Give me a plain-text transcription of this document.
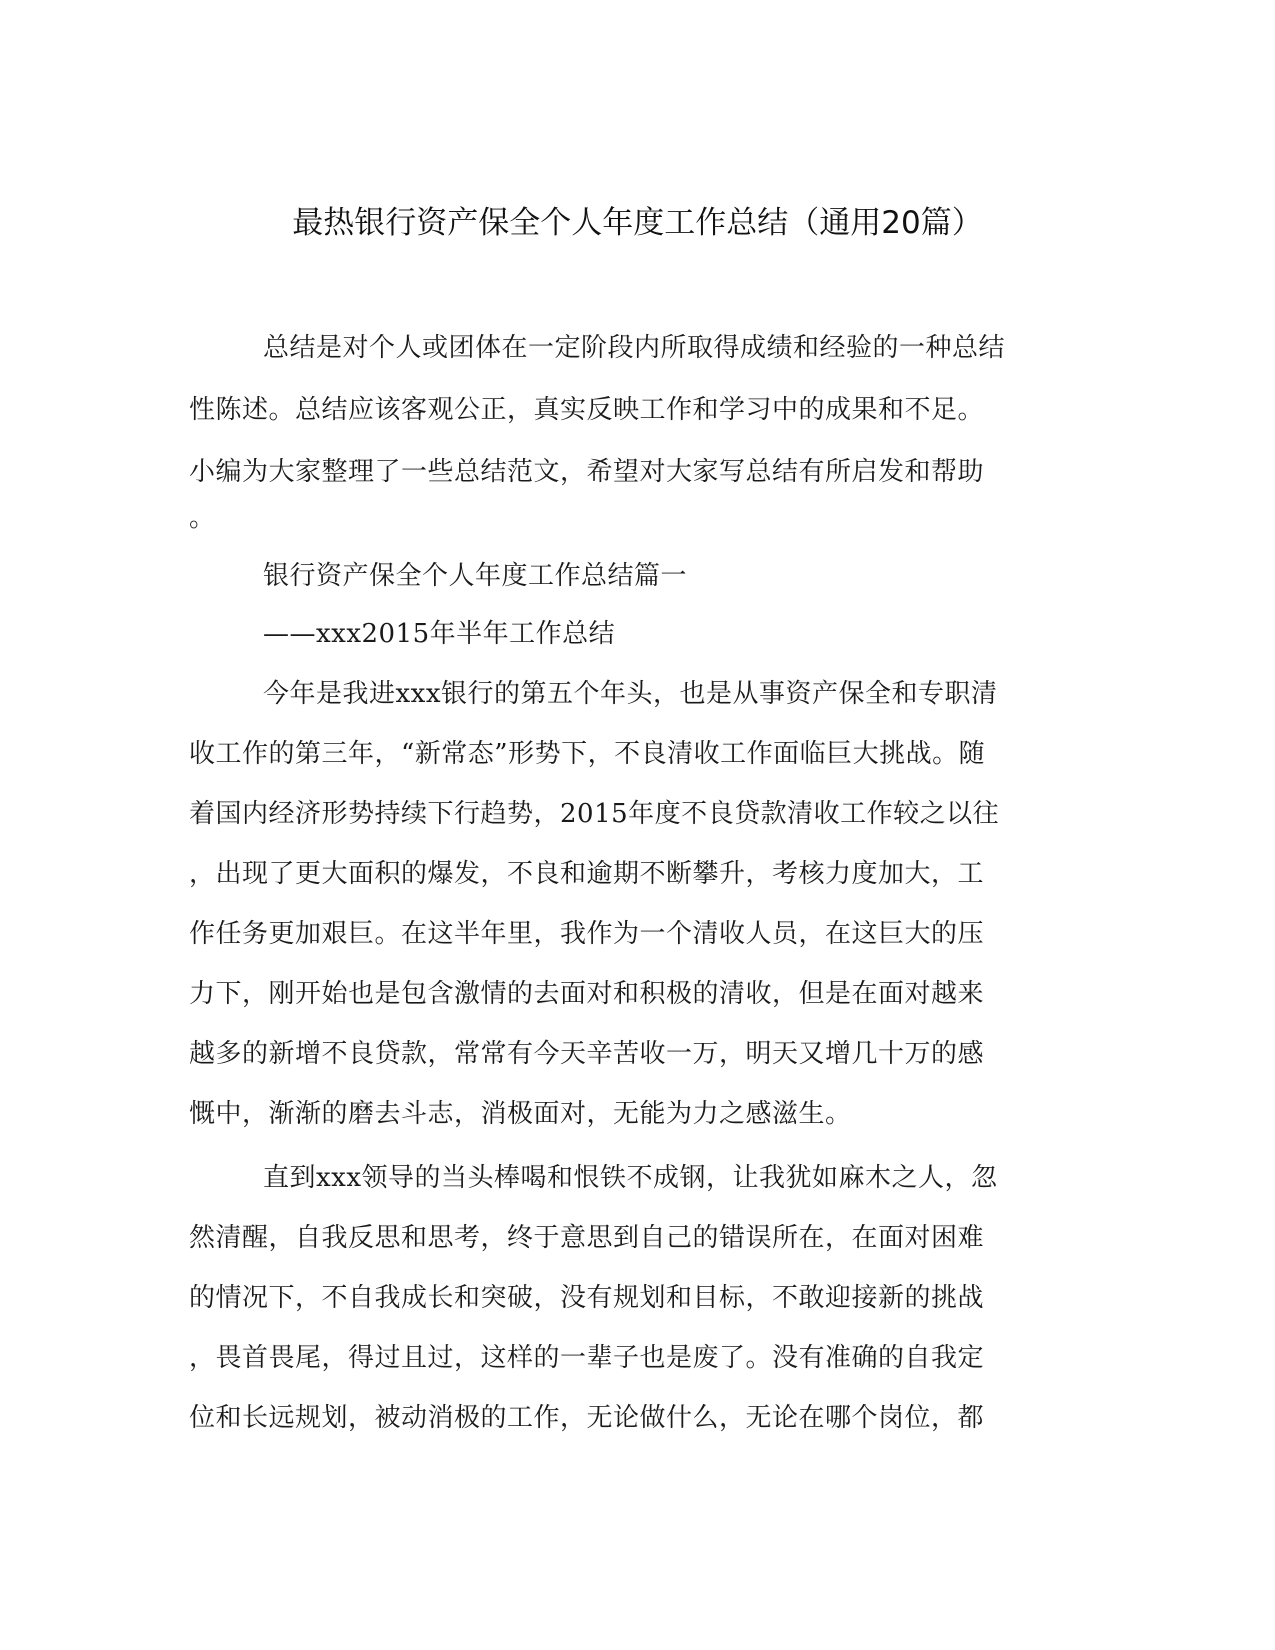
最热银行资产保全个人年度工作总结（通用20篇）
总结是对个人或团体在一定阶段内所取得成绩和经验的一种总结
性陈述。总结应该客观公正，真实反映工作和学习中的成果和不足。
小编为大家整理了一些总结范文，希望对大家写总结有所启发和帮助
。
银行资产保全个人年度工作总结篇一
——xxx2015年半年工作总结
今年是我进xxx银行的第五个年头，也是从事资产保全和专职清
收工作的第三年，“新常态”形势下，不良清收工作面临巨大挑战。随
着国内经济形势持续下行趋势，2015年度不良贷款清收工作较之以往
，出现了更大面积的爆发，不良和逾期不断攀升，考核力度加大，工
作任务更加艰巨。在这半年里，我作为一个清收人员，在这巨大的压
力下，刚开始也是包含激情的去面对和积极的清收，但是在面对越来
越多的新增不良贷款，常常有今天辛苦收一万，明天又增几十万的感
慨中，渐渐的磨去斗志，消极面对，无能为力之感滋生。
直到xxx领导的当头棒喝和恨铁不成钢，让我犹如麻木之人，忽
然清醒，自我反思和思考，终于意思到自己的错误所在，在面对困难
的情况下，不自我成长和突破，没有规划和目标，不敢迎接新的挑战
，畏首畏尾，得过且过，这样的一辈子也是废了。没有准确的自我定
位和长远规划，被动消极的工作，无论做什么，无论在哪个岗位，都
